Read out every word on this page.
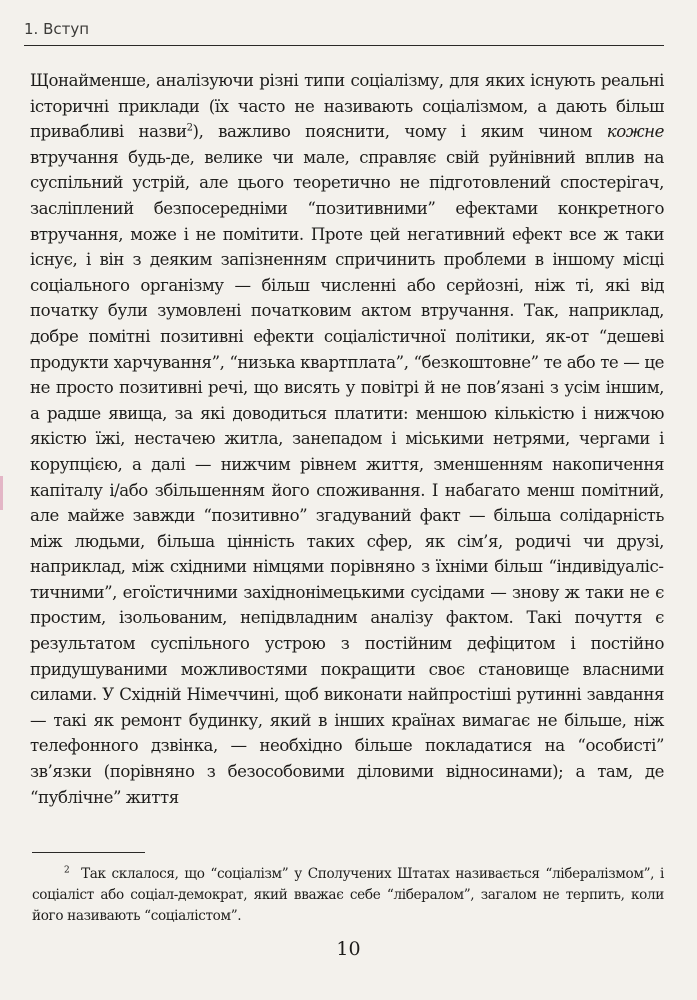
1. Вступ

Щонайменше, аналізуючи різні типи соціалізму, для яких існують реальні історичні приклади (їх часто не називають соціалізмом, а дають більш привабливі назви$^2$), важливо пояснити, чому і яким чином кожне втручання будь-де, велике чи мале, справляє свій руйнівний вплив на суспільний устрій, але цього теоретично не підготовлений спостерігач, засліплений безпосередніми “позитивними” ефектами конкретного втручання, може і не помітити. Проте цей негативний ефект все ж таки існує, і він з деяким запізненням спричинить проблеми в іншому місці соціального організму — більш численні або серйозні, ніж ті, які від початку були зумовлені початковим актом втручання. Так, наприклад, добре помітні позитивні ефекти соціалістичної політики, як-от “дешеві продукти харчування”, “низька квартплата”, “безкоштовне” те або те — це не просто позитивні речі, що висять у повітрі й не пов’язані з усім іншим, а радше явища, за які доводиться платити: меншою кількістю і нижчою якістю їжі, нестачею житла, занепадом і міськими нетрями, чергами і корупцією, а далі — нижчим рівнем життя, зменшенням накопичення капіталу і/або збільшенням його споживання. І набагато менш помітний, але майже завжди “позитивно” згадуваний факт — більша солідарність між людьми, більша цінність таких сфер, як сім’я, родичі чи друзі, наприклад, між східними німцями порівняно з їхніми більш “індивідуалістичними”, егоїстичними західнонімецькими сусідами — знову ж таки не є простим, ізольованим, непідвладним аналізу фактом. Такі почуття є результатом суспільного устрою з постійним дефіцитом і постійно придушуваними можливостями покращити своє становище власними силами. У Східній Німеччині, щоб виконати найпростіші рутинні завдання — такі як ремонт будинку, який в інших країнах вимагає не більше, ніж телефонного дзвінка, — необхідно більше покладатися на “особисті” зв’язки (порівняно з безособовими діловими відносинами); а там, де “публічне” життя

$^2$ Так склалося, що “соціалізм” у Сполучених Штатах називається “ліберaлізмом”, і соціаліст або соціал-демократ, який вважає себе “лібералом”, загалом не терпить, коли його називають “соціалістом”.

10
